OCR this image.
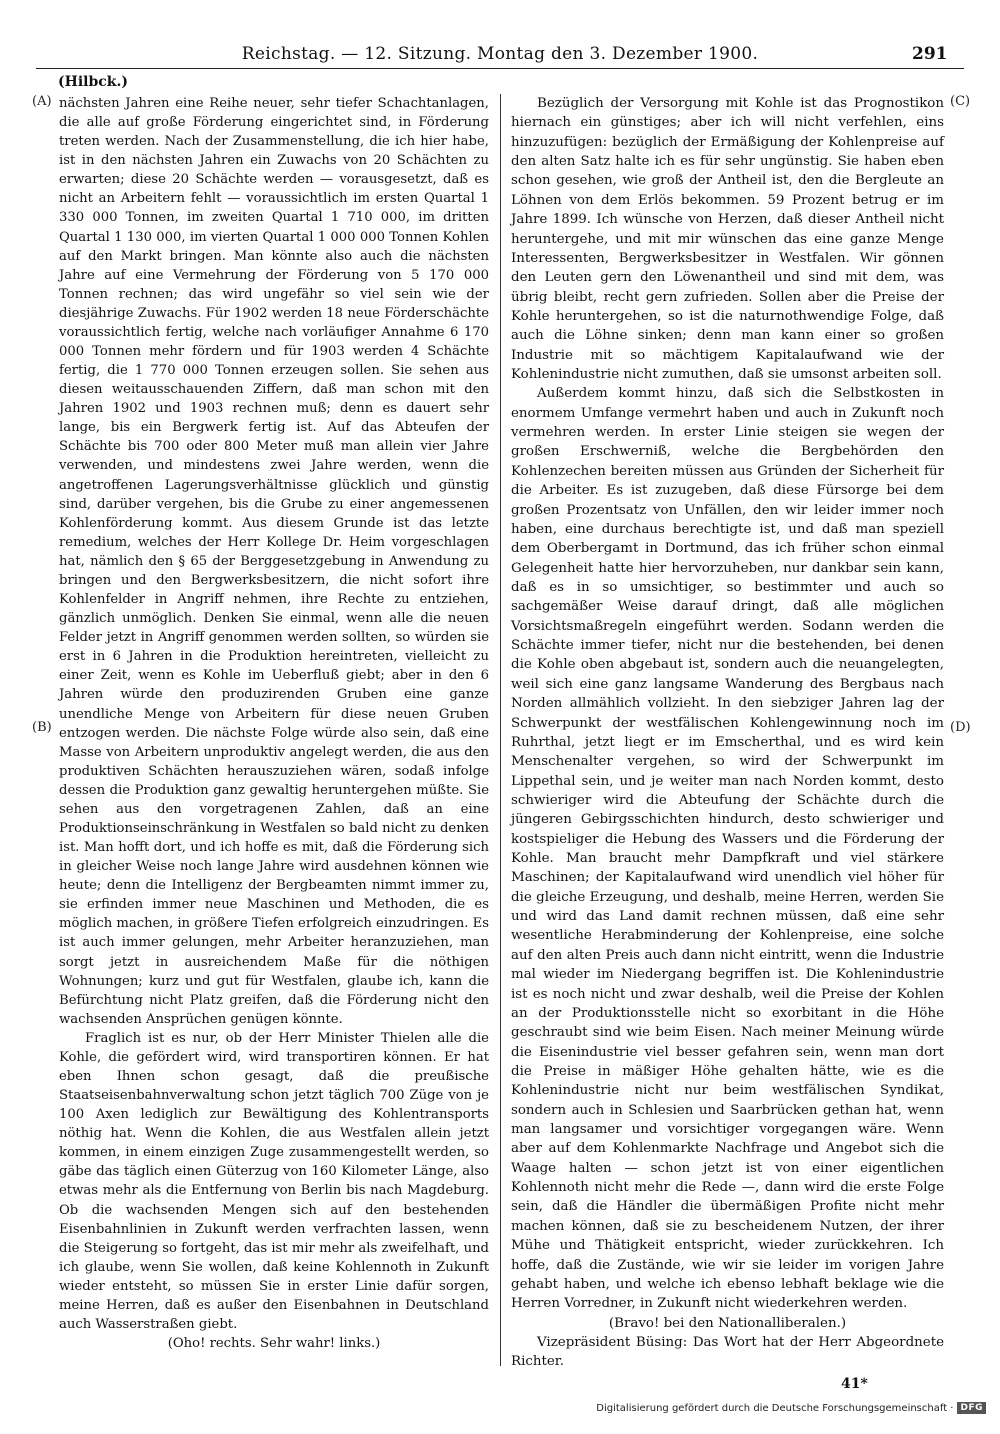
Reichstag. — 12. Sitzung. Montag den 3. Dezember 1900.	291
(Hilbck.)
(A)
(B)
(C)
(D)

nächsten Jahren eine Reihe neuer, sehr tiefer Schachtanlagen, die alle auf große Förderung eingerichtet sind, in Förderung treten werden. Nach der Zusammenstellung, die ich hier habe, ist in den nächsten Jahren ein Zuwachs von 20 Schächten zu erwarten; diese 20 Schächte werden — vorausgesetzt, daß es nicht an Arbeitern fehlt — voraussichtlich im ersten Quartal 1 330 000 Tonnen, im zweiten Quartal 1 710 000, im dritten Quartal 1 130 000, im vierten Quartal 1 000 000 Tonnen Kohlen auf den Markt bringen. Man könnte also auch die nächsten Jahre auf eine Vermehrung der Förderung von 5 170 000 Tonnen rechnen; das wird ungefähr so viel sein wie der diesjährige Zuwachs. Für 1902 werden 18 neue Förderschächte voraussichtlich fertig, welche nach vorläufiger Annahme 6 170 000 Tonnen mehr fördern und für 1903 werden 4 Schächte fertig, die 1 770 000 Tonnen erzeugen sollen. Sie sehen aus diesen weitausschauenden Ziffern, daß man schon mit den Jahren 1902 und 1903 rechnen muß; denn es dauert sehr lange, bis ein Bergwerk fertig ist. Auf das Abteufen der Schächte bis 700 oder 800 Meter muß man allein vier Jahre verwenden, und mindestens zwei Jahre werden, wenn die angetroffenen Lagerungsverhältnisse glücklich und günstig sind, darüber vergehen, bis die Grube zu einer angemessenen Kohlenförderung kommt. Aus diesem Grunde ist das letzte remedium, welches der Herr Kollege Dr. Heim vorgeschlagen hat, nämlich den § 65 der Berggesetzgebung in Anwendung zu bringen und den Bergwerksbesitzern, die nicht sofort ihre Kohlenfelder in Angriff nehmen, ihre Rechte zu entziehen, gänzlich unmöglich. Denken Sie einmal, wenn alle die neuen Felder jetzt in Angriff genommen werden sollten, so würden sie erst in 6 Jahren in die Produktion hereintreten, vielleicht zu einer Zeit, wenn es Kohle im Ueberfluß giebt; aber in den 6 Jahren würde den produzirenden Gruben eine ganze unendliche Menge von Arbeitern für diese neuen Gruben entzogen werden. Die nächste Folge würde also sein, daß eine Masse von Arbeitern unproduktiv angelegt werden, die aus den produktiven Schächten herauszuziehen wären, sodaß infolge dessen die Produktion ganz gewaltig heruntergehen müßte. Sie sehen aus den vorgetragenen Zahlen, daß an eine Produktionseinschränkung in Westfalen so bald nicht zu denken ist. Man hofft dort, und ich hoffe es mit, daß die Förderung sich in gleicher Weise noch lange Jahre wird ausdehnen können wie heute; denn die Intelligenz der Bergbeamten nimmt immer zu, sie erfinden immer neue Maschinen und Methoden, die es möglich machen, in größere Tiefen erfolgreich einzudringen. Es ist auch immer gelungen, mehr Arbeiter heranzuziehen, man sorgt jetzt in ausreichendem Maße für die nöthigen Wohnungen; kurz und gut für Westfalen, glaube ich, kann die Befürchtung nicht Platz greifen, daß die Förderung nicht den wachsenden Ansprüchen genügen könnte.

Fraglich ist es nur, ob der Herr Minister Thielen alle die Kohle, die gefördert wird, wird transportiren können. Er hat eben Ihnen schon gesagt, daß die preußische Staatseisenbahnverwaltung schon jetzt täglich 700 Züge von je 100 Axen lediglich zur Bewältigung des Kohlentransports nöthig hat. Wenn die Kohlen, die aus Westfalen allein jetzt kommen, in einem einzigen Zuge zusammengestellt werden, so gäbe das täglich einen Güterzug von 160 Kilometer Länge, also etwas mehr als die Entfernung von Berlin bis nach Magdeburg. Ob die wachsenden Mengen sich auf den bestehenden Eisenbahnlinien in Zukunft werden verfrachten lassen, wenn die Steigerung so fortgeht, das ist mir mehr als zweifelhaft, und ich glaube, wenn Sie wollen, daß keine Kohlennoth in Zukunft wieder entsteht, so müssen Sie in erster Linie dafür sorgen, meine Herren, daß es außer den Eisenbahnen in Deutschland auch Wasserstraßen giebt.

(Oho! rechts. Sehr wahr! links.)

Bezüglich der Versorgung mit Kohle ist das Prognostikon hiernach ein günstiges; aber ich will nicht verfehlen, eins hinzuzufügen: bezüglich der Ermäßigung der Kohlenpreise auf den alten Satz halte ich es für sehr ungünstig. Sie haben eben schon gesehen, wie groß der Antheil ist, den die Bergleute an Löhnen von dem Erlös bekommen. 59 Prozent betrug er im Jahre 1899. Ich wünsche von Herzen, daß dieser Antheil nicht heruntergehe, und mit mir wünschen das eine ganze Menge Interessenten, Bergwerksbesitzer in Westfalen. Wir gönnen den Leuten gern den Löwenantheil und sind mit dem, was übrig bleibt, recht gern zufrieden. Sollen aber die Preise der Kohle heruntergehen, so ist die naturnothwendige Folge, daß auch die Löhne sinken; denn man kann einer so großen Industrie mit so mächtigem Kapitalaufwand wie der Kohlenindustrie nicht zumuthen, daß sie umsonst arbeiten soll.

Außerdem kommt hinzu, daß sich die Selbstkosten in enormem Umfange vermehrt haben und auch in Zukunft noch vermehren werden. In erster Linie steigen sie wegen der großen Erschwerniß, welche die Bergbehörden den Kohlenzechen bereiten müssen aus Gründen der Sicherheit für die Arbeiter. Es ist zuzugeben, daß diese Fürsorge bei dem großen Prozentsatz von Unfällen, den wir leider immer noch haben, eine durchaus berechtigte ist, und daß man speziell dem Oberbergamt in Dortmund, das ich früher schon einmal Gelegenheit hatte hier hervorzuheben, nur dankbar sein kann, daß es in so umsichtiger, so bestimmter und auch so sachgemäßer Weise darauf dringt, daß alle möglichen Vorsichtsmaßregeln eingeführt werden. Sodann werden die Schächte immer tiefer, nicht nur die bestehenden, bei denen die Kohle oben abgebaut ist, sondern auch die neuangelegten, weil sich eine ganz langsame Wanderung des Bergbaus nach Norden allmählich vollzieht. In den siebziger Jahren lag der Schwerpunkt der westfälischen Kohlengewinnung noch im Ruhrthal, jetzt liegt er im Emscherthal, und es wird kein Menschenalter vergehen, so wird der Schwerpunkt im Lippethal sein, und je weiter man nach Norden kommt, desto schwieriger wird die Abteufung der Schächte durch die jüngeren Gebirgsschichten hindurch, desto schwieriger und kostspieliger die Hebung des Wassers und die Förderung der Kohle. Man braucht mehr Dampfkraft und viel stärkere Maschinen; der Kapitalaufwand wird unendlich viel höher für die gleiche Erzeugung, und deshalb, meine Herren, werden Sie und wird das Land damit rechnen müssen, daß eine sehr wesentliche Herabminderung der Kohlenpreise, eine solche auf den alten Preis auch dann nicht eintritt, wenn die Industrie mal wieder im Niedergang begriffen ist. Die Kohlenindustrie ist es noch nicht und zwar deshalb, weil die Preise der Kohlen an der Produktionsstelle nicht so exorbitant in die Höhe geschraubt sind wie beim Eisen. Nach meiner Meinung würde die Eisenindustrie viel besser gefahren sein, wenn man dort die Preise in mäßiger Höhe gehalten hätte, wie es die Kohlenindustrie nicht nur beim westfälischen Syndikat, sondern auch in Schlesien und Saarbrücken gethan hat, wenn man langsamer und vorsichtiger vorgegangen wäre. Wenn aber auf dem Kohlenmarkte Nachfrage und Angebot sich die Waage halten — schon jetzt ist von einer eigentlichen Kohlennoth nicht mehr die Rede —, dann wird die erste Folge sein, daß die Händler die übermäßigen Profite nicht mehr machen können, daß sie zu bescheidenem Nutzen, der ihrer Mühe und Thätigkeit entspricht, wieder zurückkehren. Ich hoffe, daß die Zustände, wie wir sie leider im vorigen Jahre gehabt haben, und welche ich ebenso lebhaft beklage wie die Herren Vorredner, in Zukunft nicht wiederkehren werden.

(Bravo! bei den Nationalliberalen.)

Vizepräsident Büsing: Das Wort hat der Herr Abgeordnete Richter.

41*
Digitalisierung gefördert durch die Deutsche Forschungsgemeinschaft · DFG
